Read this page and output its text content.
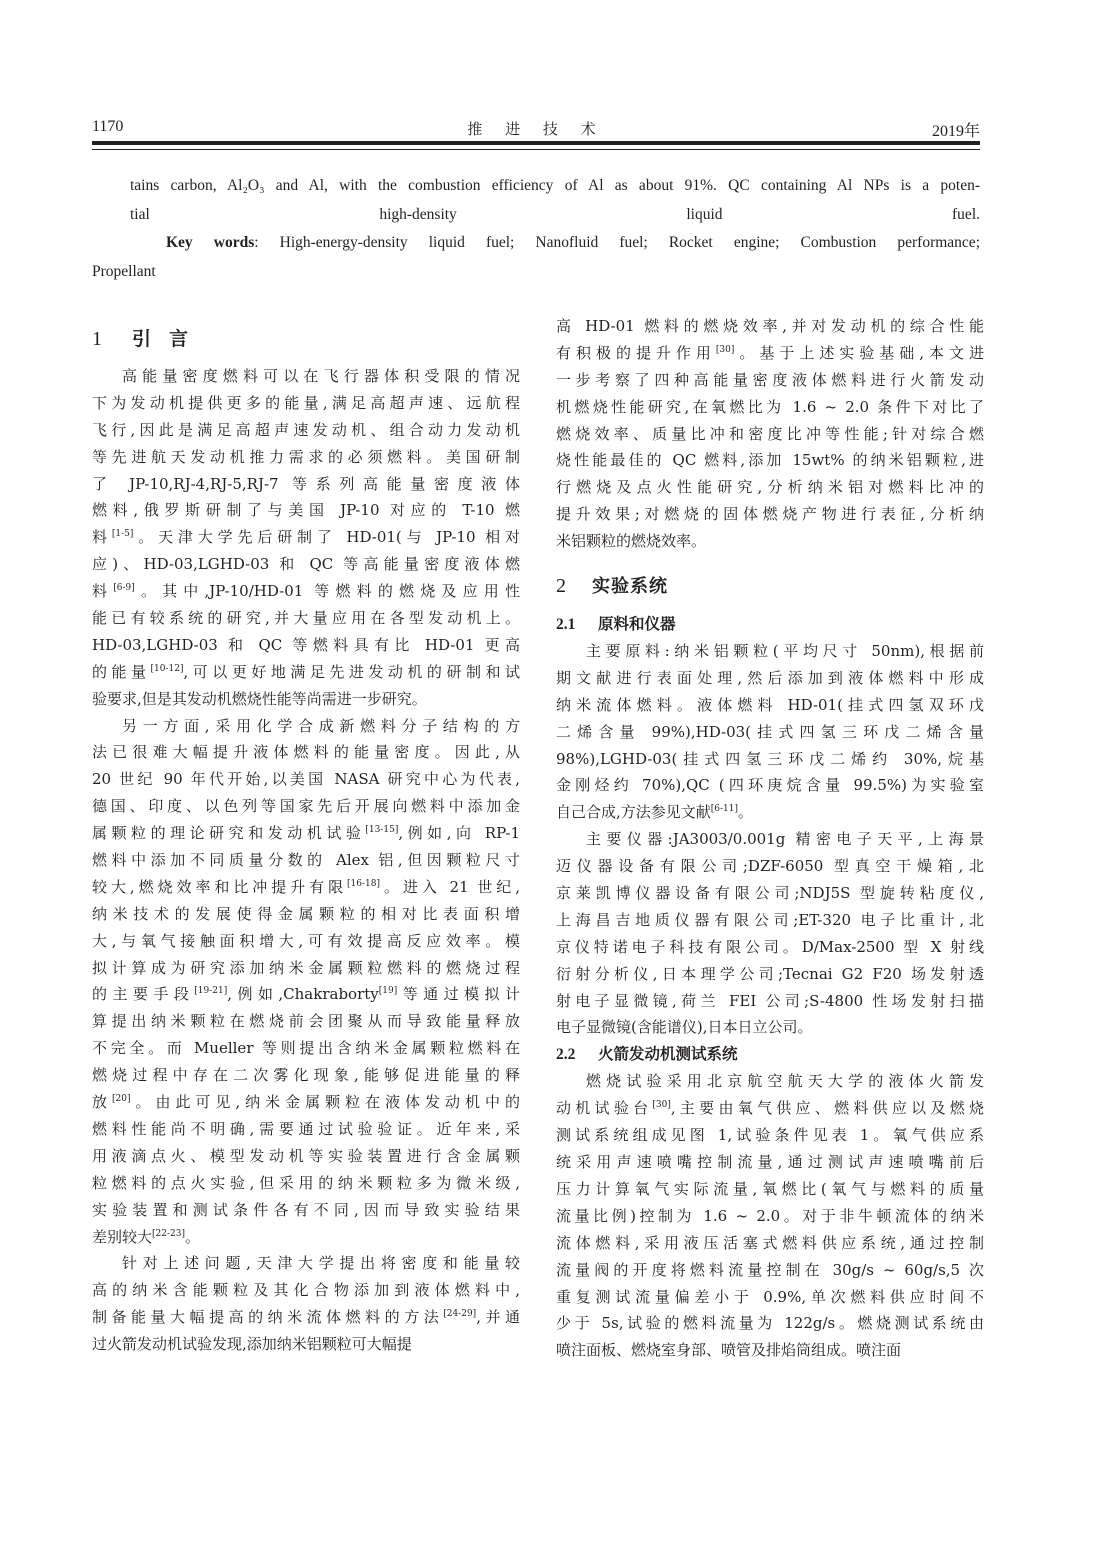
1170	推 进 技 术	2019年
tains carbon, Al₂O₃ and Al, with the combustion efficiency of Al as about 91%. QC containing Al NPs is a poten-
tial high-density liquid fuel.
Key words: High-energy-density liquid fuel; Nanofluid fuel; Rocket engine; Combustion performance;
Propellant
1 引言
高能量密度燃料可以在飞行器体积受限的情况
下为发动机提供更多的能量,满足高超声速、远航程
飞行,因此是满足高超声速发动机、组合动力发动机
等先进航天发动机推力需求的必须燃料。美国研制
了 JP-10,RJ-4,RJ-5,RJ-7 等系列高能量密度液体
燃料,俄罗斯研制了与美国 JP-10 对应的 T-10 燃
料[1-5]。天津大学先后研制了 HD-01(与 JP-10 相对
应)、HD-03,LGHD-03 和 QC 等高能量密度液体燃
料[6-9]。其中,JP-10/HD-01 等燃料的燃烧及应用性
能已有较系统的研究,并大量应用在各型发动机上。
HD-03,LGHD-03 和 QC 等燃料具有比 HD-01 更高
的能量[10-12],可以更好地满足先进发动机的研制和试
验要求,但是其发动机燃烧性能等尚需进一步研究。
另一方面,采用化学合成新燃料分子结构的方
法已很难大幅提升液体燃料的能量密度。因此,从
20 世纪 90 年代开始,以美国 NASA 研究中心为代表,
德国、印度、以色列等国家先后开展向燃料中添加金
属颗粒的理论研究和发动机试验[13-15],例如,向 RP-1
燃料中添加不同质量分数的 Alex 铝,但因颗粒尺寸
较大,燃烧效率和比冲提升有限[16-18]。进入 21 世纪,
纳米技术的发展使得金属颗粒的相对比表面积增
大,与氧气接触面积增大,可有效提高反应效率。模
拟计算成为研究添加纳米金属颗粒燃料的燃烧过程
的主要手段[19-21],例如,Chakraborty[19]等通过模拟计
算提出纳米颗粒在燃烧前会团聚从而导致能量释放
不完全。而 Mueller 等则提出含纳米金属颗粒燃料在
燃烧过程中存在二次雾化现象,能够促进能量的释
放[20]。由此可见,纳米金属颗粒在液体发动机中的
燃料性能尚不明确,需要通过试验验证。近年来,采
用液滴点火、模型发动机等实验装置进行含金属颗
粒燃料的点火实验,但采用的纳米颗粒多为微米级,
实验装置和测试条件各有不同,因而导致实验结果
差别较大[22-23]。
针对上述问题,天津大学提出将密度和能量较
高的纳米含能颗粒及其化合物添加到液体燃料中,
制备能量大幅提高的纳米流体燃料的方法[24-29],并通
过火箭发动机试验发现,添加纳米铝颗粒可大幅提
高 HD-01 燃料的燃烧效率,并对发动机的综合性能
有积极的提升作用[30]。基于上述实验基础,本文进
一步考察了四种高能量密度液体燃料进行火箭发动
机燃烧性能研究,在氧燃比为 1.6 ~ 2.0 条件下对比了
燃烧效率、质量比冲和密度比冲等性能;针对综合燃
烧性能最佳的 QC 燃料,添加 15wt% 的纳米铝颗粒,进
行燃烧及点火性能研究,分析纳米铝对燃料比冲的
提升效果;对燃烧的固体燃烧产物进行表征,分析纳
米铝颗粒的燃烧效率。
2 实验系统
2.1 原料和仪器
主要原料:纳米铝颗粒(平均尺寸 50nm),根据前
期文献进行表面处理,然后添加到液体燃料中形成
纳米流体燃料。液体燃料 HD-01(挂式四氢双环戊
二烯含量 99%),HD-03(挂式四氢三环戊二烯含量
98%),LGHD-03(挂式四氢三环戊二烯约 30%,烷基
金刚烃约 70%),QC (四环庚烷含量 99.5%)为实验室
自己合成,方法参见文献[6-11]。
主要仪器:JA3003/0.001g 精密电子天平,上海景
迈仪器设备有限公司;DZF-6050 型真空干燥箱,北
京莱凯博仪器设备有限公司;NDJ5S 型旋转粘度仪,
上海昌吉地质仪器有限公司;ET-320 电子比重计,北
京仪特诺电子科技有限公司。D/Max-2500 型 X 射线
衍射分析仪,日本理学公司;Tecnai G2 F20 场发射透
射电子显微镜,荷兰 FEI 公司;S-4800 性场发射扫描
电子显微镜(含能谱仪),日本日立公司。
2.2 火箭发动机测试系统
燃烧试验采用北京航空航天大学的液体火箭发
动机试验台[30],主要由氧气供应、燃料供应以及燃烧
测试系统组成见图 1,试验条件见表 1。氧气供应系
统采用声速喷嘴控制流量,通过测试声速喷嘴前后
压力计算氧气实际流量,氧燃比(氧气与燃料的质量
流量比例)控制为 1.6 ~ 2.0。对于非牛顿流体的纳米
流体燃料,采用液压活塞式燃料供应系统,通过控制
流量阀的开度将燃料流量控制在 30g/s ~ 60g/s,5 次
重复测试流量偏差小于 0.9%,单次燃料供应时间不
少于 5s,试验的燃料流量为 122g/s。燃烧测试系统由
喷注面板、燃烧室身部、喷管及排焰筒组成。喷注面
